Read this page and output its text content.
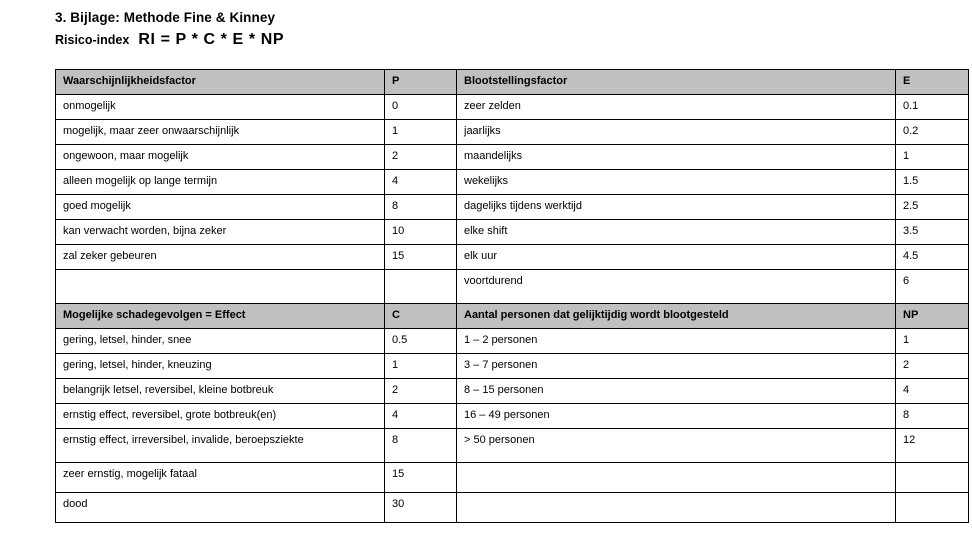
3. Bijlage: Methode Fine & Kinney
Risico-index RI = P * C * E * NP
Waarschijnlijkheidsfactor	P	Blootstellingsfactor	E
onmogelijk	0	zeer zelden	0.1
mogelijk, maar zeer onwaarschijnlijk	1	jaarlijks	0.2
ongewoon, maar mogelijk	2	maandelijks	1
alleen mogelijk op lange termijn	4	wekelijks	1.5
goed mogelijk	8	dagelijks tijdens werktijd	2.5
kan verwacht worden, bijna zeker	10	elke shift	3.5
zal zeker gebeuren	15	elk uur	4.5
		voortdurend	6
Mogelijke schadegevolgen = Effect	C	Aantal personen dat gelijktijdig wordt blootgesteld	NP
gering, letsel, hinder, snee	0.5	1 – 2 personen	1
gering, letsel, hinder, kneuzing	1	3 – 7 personen	2
belangrijk letsel, reversibel, kleine botbreuk	2	8 – 15 personen	4
ernstig effect, reversibel, grote botbreuk(en)	4	16 – 49 personen	8
ernstig effect, irreversibel, invalide, beroepsziekte	8	> 50 personen	12
zeer ernstig, mogelijk fataal	15		
dood	30		
